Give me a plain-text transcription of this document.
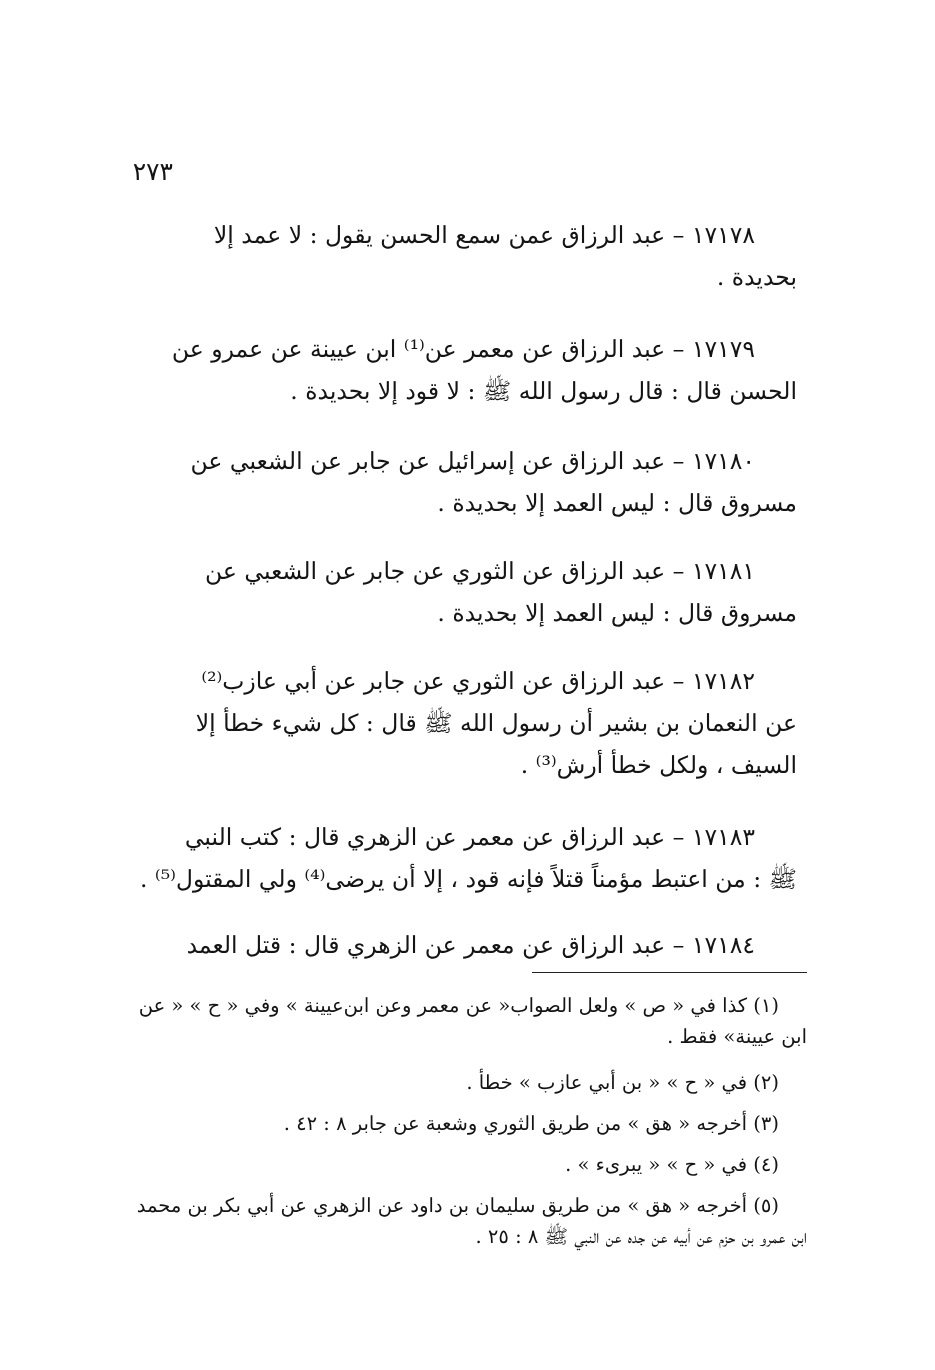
٢٧٣
١٧١٧٨ – عبد الرزاق عمن سمع الحسن يقول : لا عمد إلا
بحديدة .
١٧١٧٩ – عبد الرزاق عن معمر عن⁽¹⁾ ابن عيينة عن عمرو عن
الحسن قال : قال رسول الله ﷺ : لا قود إلا بحديدة .
١٧١٨٠ – عبد الرزاق عن إسرائيل عن جابر عن الشعبي عن
مسروق قال : ليس العمد إلا بحديدة .
١٧١٨١ – عبد الرزاق عن الثوري عن جابر عن الشعبي عن
مسروق قال : ليس العمد إلا بحديدة .
١٧١٨٢ – عبد الرزاق عن الثوري عن جابر عن أبي عازب⁽²⁾
عن النعمان بن بشير أن رسول الله ﷺ قال : كل شيء خطأ إلا
السيف ، ولكل خطأ أرش⁽³⁾ .
١٧١٨٣ – عبد الرزاق عن معمر عن الزهري قال : كتب النبي
ﷺ : من اعتبط مؤمناً قتلاً فإنه قود ، إلا أن يرضى⁽⁴⁾ ولي المقتول⁽⁵⁾ .
١٧١٨٤ – عبد الرزاق عن معمر عن الزهري قال : قتل العمد
(١) كذا في « ص » ولعل الصواب« عن معمر وعن ابن‌عيينة » وفي « ح » « عن
ابن عيينة» فقط .
(٢) في « ح » « بن أبي عازب » خطأ .
(٣) أخرجه « هق » من طريق الثوري وشعبة عن جابر ٨ : ٤٢ .
(٤) في « ح » « يبرىء » .
(٥) أخرجه « هق » من طريق سليمان بن داود عن الزهري عن أبي بكر بن محمد
ابن عمرو بن حزم عن أبيه عن جده عن النبي ﷺ ٨ : ٢٥ .
